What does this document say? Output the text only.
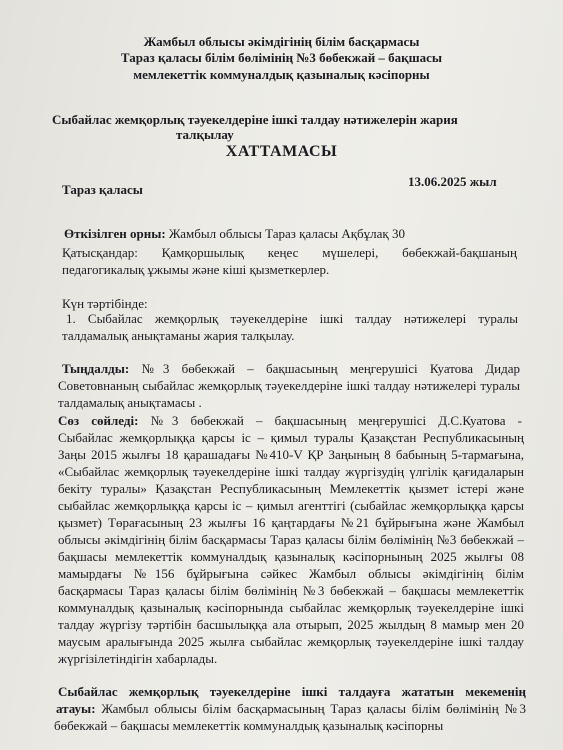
Жамбыл облысы әкімдігінің білім басқармасы
Тараз қаласы білім бөлімінің №3 бөбекжай – бақшасы
мемлекеттік коммуналдық қазыналық кәсіпорны
Сыбайлас жемқорлық тәуекелдеріне ішкі талдау нәтижелерін жария
талқылау
ХАТТАМАСЫ
Тараз қаласы
13.06.2025 жыл
Өткізілген орны: Жамбыл облысы Тараз қаласы Ақбұлақ 30
Қатысқандар: Қамқоршылық кеңес мүшелері, бөбекжай-бақшаның
педагогикалық ұжымы және кіші қызметкерлер.
Күн тәртібінде:
1. Сыбайлас жемқорлық тәуекелдеріне ішкі талдау нәтижелері туралы
талдамалық анықтаманы жария талқылау.
Тыңдалды: №3 бөбекжай – бақшасының меңгерушісі Куатова Дидар
Советовнаның сыбайлас жемқорлық тәуекелдеріне ішкі талдау нәтижелері туралы
талдамалық анықтамасы .
Сөз сөйледі: №3 бөбекжай – бақшасының меңгерушісі Д.С.Куатова -
Сыбайлас жемқорлыққа қарсы іс – қимыл туралы Қазақстан Республикасының
Заңы 2015 жылғы 18 қарашадағы №410-V ҚР Заңының 8 бабының 5-тармағына,
«Сыбайлас жемқорлық тәуекелдеріне ішкі талдау жүргізудің үлгілік қағидаларын
бекіту туралы» Қазақстан Республикасының Мемлекеттік қызмет істері және
сыбайлас жемқорлыққа қарсы іс – қимыл агенттігі (сыбайлас жемқорлыққа қарсы
қызмет) Төрағасының 23 жылғы 16 қаңтардағы №21 бұйрығына және Жамбыл
облысы әкімдігінің білім басқармасы Тараз қаласы білім бөлімінің №3 бөбекжай –
бақшасы мемлекеттік коммуналдық қазыналық кәсіпорнының 2025 жылғы 08
мамырдағы №156 бұйрығына сәйкес Жамбыл облысы әкімдігінің білім
басқармасы Тараз қаласы білім бөлімінің №3 бөбекжай – бақшасы мемлекеттік
коммуналдық қазыналық кәсіпорнында сыбайлас жемқорлық тәуекелдеріне ішкі
талдау жүргізу тәртібін басшылыққа ала отырып, 2025 жылдың 8 мамыр мен 20
маусым аралығында 2025 жылға сыбайлас жемқорлық тәуекелдеріне ішкі талдау
жүргізілетіндігін хабарлады.
Сыбайлас жемқорлық тәуекелдеріне ішкі талдауға жататын мекеменің
атауы: Жамбыл облысы білім басқармасының Тараз қаласы білім бөлімінің №3
бөбекжай – бақшасы мемлекеттік коммуналдық қазыналық кәсіпорны
